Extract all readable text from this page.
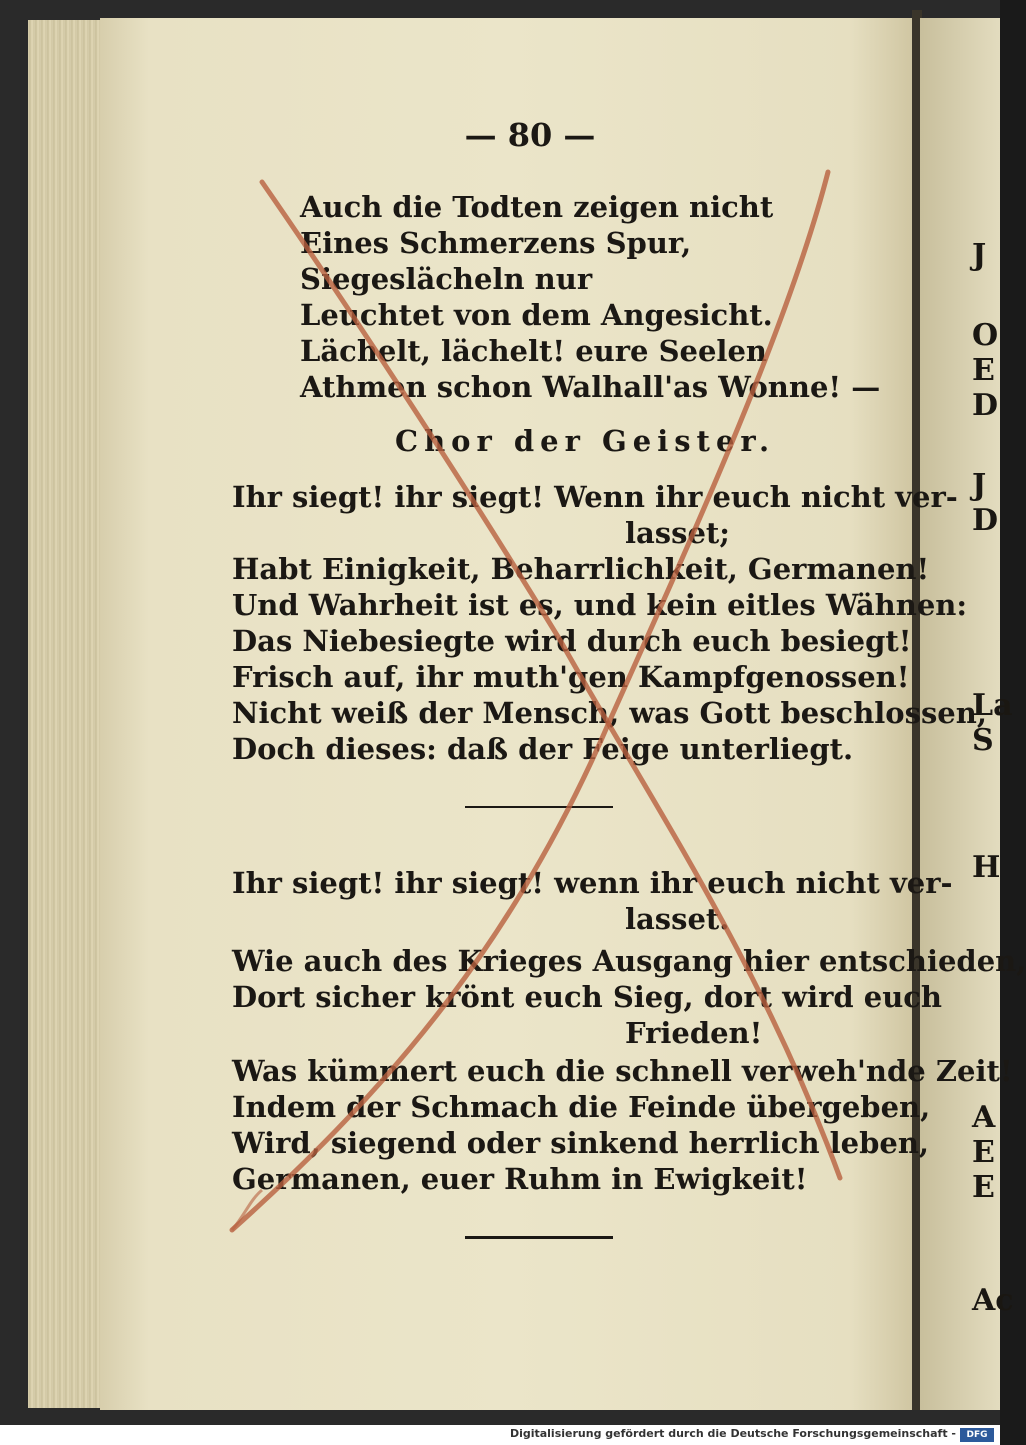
J
O
E
D
J
D
La
S
H
A
E
E
Ac
— 80 —
Auch die Todten zeigen nicht
Eines Schmerzens Spur,
Siegeslächeln nur
Leuchtet von dem Angesicht.
Lächelt, lächelt! eure Seelen
Athmen schon Walhall'as Wonne! —
Chor der Geister.
Ihr siegt! ihr siegt! Wenn ihr euch nicht ver-
lasset;
Habt Einigkeit, Beharrlichkeit, Germanen!
Und Wahrheit ist es, und kein eitles Wähnen:
Das Niebesiegte wird durch euch besiegt!
Frisch auf, ihr muth'gen Kampfgenossen!
Nicht weiß der Mensch, was Gott beschlossen,
Doch dieses: daß der Feige unterliegt.
Ihr siegt! ihr siegt! wenn ihr euch nicht ver-
lasset.
Wie auch des Krieges Ausgang hier entschieden,
Dort sicher krönt euch Sieg, dort wird euch
Frieden!
Was kümmert euch die schnell verweh'nde Zeit!
Indem der Schmach die Feinde übergeben,
Wird, siegend oder sinkend herrlich leben,
Germanen, euer Ruhm in Ewigkeit!
Digitalisierung gefördert durch die Deutsche Forschungsgemeinschaft -	DFG
